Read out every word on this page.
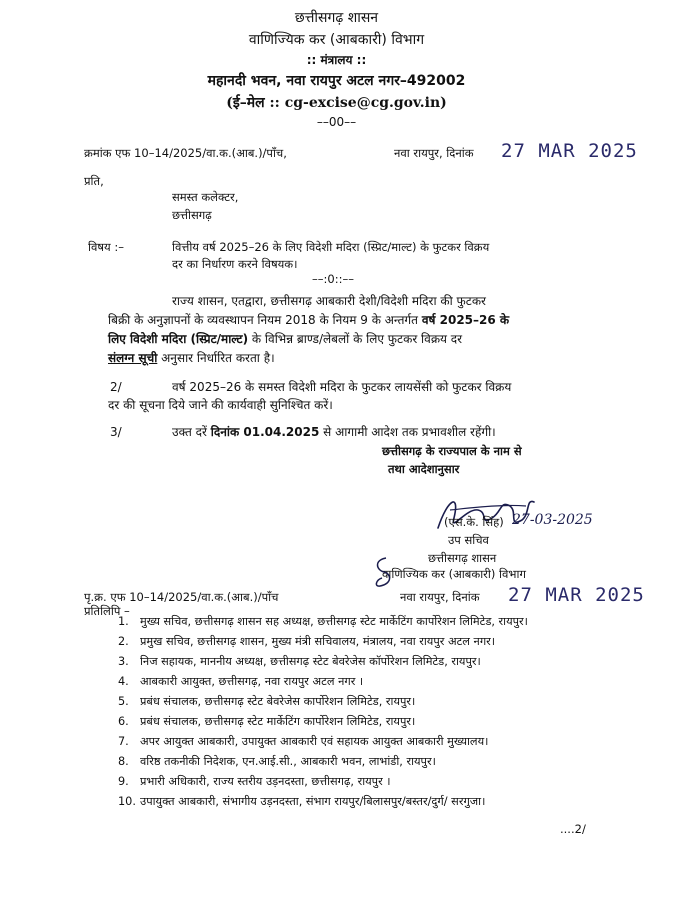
छत्तीसगढ़ शासन
वाणिज्यिक कर (आबकारी) विभाग
:: मंत्रालय ::
महानदी भवन, नवा रायपुर अटल नगर–492002
(ई–मेल :: cg-excise@cg.gov.in)
––00––
क्रमांक एफ 10–14/2025/वा.क.(आब.)/पाँच,	नवा रायपुर, दिनांक 27 MAR 2025
प्रति,
समस्त कलेक्टर,
छत्तीसगढ़
विषय :–	वित्तीय वर्ष 2025–26 के लिए विदेशी मदिरा (स्प्रिट/माल्ट) के फुटकर विक्रय
दर का निर्धारण करने विषयक।
––:0::––
राज्य शासन, एतद्वारा, छत्तीसगढ़ आबकारी देशी/विदेशी मदिरा की फुटकर
बिक्री के अनुज्ञापनों के व्यवस्थापन नियम 2018 के नियम 9 के अन्तर्गत वर्ष 2025–26 के
लिए विदेशी मदिरा (स्प्रिट/माल्ट) के विभिन्न ब्राण्ड/लेबलों के लिए फुटकर विक्रय दर
संलग्न सूची अनुसार निर्धारित करता है।
2/	वर्ष 2025–26 के समस्त विदेशी मदिरा के फुटकर लायसेंसी को फुटकर विक्रय
दर की सूचना दिये जाने की कार्यवाही सुनिश्चित करें।
3/	उक्त दरें दिनांक 01.04.2025 से आगामी आदेश तक प्रभावशील रहेंगी।
छत्तीसगढ़ के राज्यपाल के नाम से
तथा आदेशानुसार
27-03-2025
(एस.के. सिंह)
उप सचिव
छत्तीसगढ़ शासन
वाणिज्यिक कर (आबकारी) विभाग
पृ.क्र. एफ 10–14/2025/वा.क.(आब.)/पाँच	नवा रायपुर, दिनांक 27 MAR 2025
प्रतिलिपि –
1. मुख्य सचिव, छत्तीसगढ़ शासन सह अध्यक्ष, छत्तीसगढ़ स्टेट मार्केटिंग कार्पोरेशन लिमिटेड, रायपुर।
2. प्रमुख सचिव, छत्तीसगढ़ शासन, मुख्य मंत्री सचिवालय, मंत्रालय, नवा रायपुर अटल नगर।
3. निज सहायक, माननीय अध्यक्ष, छत्तीसगढ़ स्टेट बेवरेजेस कॉर्पोरेशन लिमिटेड, रायपुर।
4. आबकारी आयुक्त, छत्तीसगढ़, नवा रायपुर अटल नगर ।
5. प्रबंध संचालक, छत्तीसगढ़ स्टेट बेवरेजेस कार्पोरेशन लिमिटेड, रायपुर।
6. प्रबंध संचालक, छत्तीसगढ़ स्टेट मार्केटिंग कार्पोरेशन लिमिटेड, रायपुर।
7. अपर आयुक्त आबकारी, उपायुक्त आबकारी एवं सहायक आयुक्त आबकारी मुख्यालय।
8. वरिष्ठ तकनीकी निदेशक, एन.आई.सी., आबकारी भवन, लाभांडी, रायपुर।
9. प्रभारी अधिकारी, राज्य स्तरीय उड़नदस्ता, छत्तीसगढ़, रायपुर ।
10. उपायुक्त आबकारी, संभागीय उड़नदस्ता, संभाग रायपुर/बिलासपुर/बस्तर/दुर्ग/ सरगुजा।
....2/
